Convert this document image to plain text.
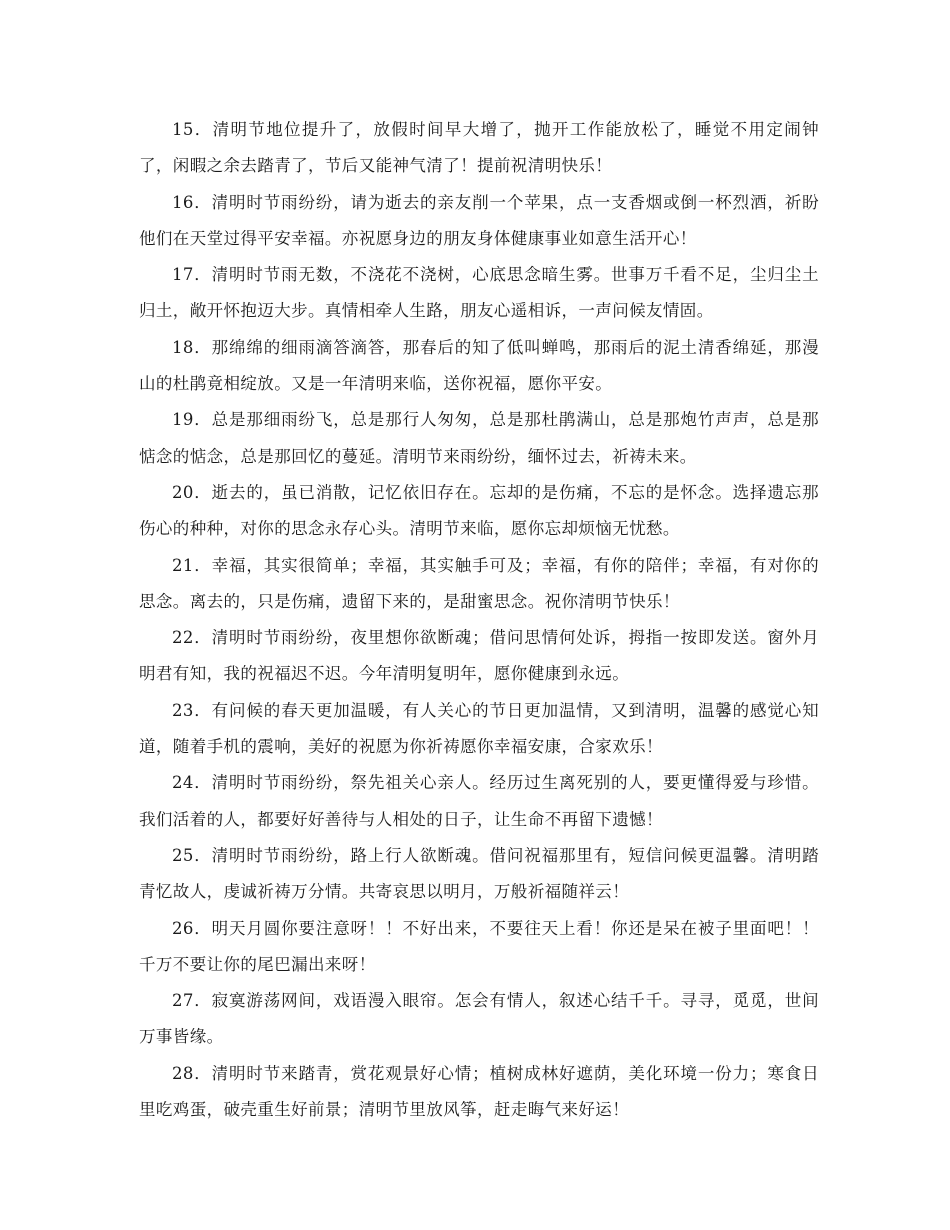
15．清明节地位提升了，放假时间早大增了，抛开工作能放松了，睡觉不用定闹钟了，闲暇之余去踏青了，节后又能神气清了！提前祝清明快乐！

16．清明时节雨纷纷，请为逝去的亲友削一个苹果，点一支香烟或倒一杯烈酒，祈盼他们在天堂过得平安幸福。亦祝愿身边的朋友身体健康事业如意生活开心！

17．清明时节雨无数，不浇花不浇树，心底思念暗生雾。世事万千看不足，尘归尘土归土，敞开怀抱迈大步。真情相牵人生路，朋友心遥相诉，一声问候友情固。

18．那绵绵的细雨滴答滴答，那春后的知了低叫蝉鸣，那雨后的泥土清香绵延，那漫山的杜鹃竟相绽放。又是一年清明来临，送你祝福，愿你平安。

19．总是那细雨纷飞，总是那行人匆匆，总是那杜鹃满山，总是那炮竹声声，总是那惦念的惦念，总是那回忆的蔓延。清明节来雨纷纷，缅怀过去，祈祷未来。

20．逝去的，虽已消散，记忆依旧存在。忘却的是伤痛，不忘的是怀念。选择遗忘那伤心的种种，对你的思念永存心头。清明节来临，愿你忘却烦恼无忧愁。

21．幸福，其实很简单；幸福，其实触手可及；幸福，有你的陪伴；幸福，有对你的思念。离去的，只是伤痛，遗留下来的，是甜蜜思念。祝你清明节快乐！

22．清明时节雨纷纷，夜里想你欲断魂；借问思情何处诉，拇指一按即发送。窗外月明君有知，我的祝福迟不迟。今年清明复明年，愿你健康到永远。

23．有问候的春天更加温暖，有人关心的节日更加温情，又到清明，温馨的感觉心知道，随着手机的震响，美好的祝愿为你祈祷愿你幸福安康，合家欢乐！

24．清明时节雨纷纷，祭先祖关心亲人。经历过生离死别的人，要更懂得爱与珍惜。我们活着的人，都要好好善待与人相处的日子，让生命不再留下遗憾！

25．清明时节雨纷纷，路上行人欲断魂。借问祝福那里有，短信问候更温馨。清明踏青忆故人，虔诚祈祷万分情。共寄哀思以明月，万般祈福随祥云！

26．明天月圆你要注意呀！！不好出来，不要往天上看！你还是呆在被子里面吧！！千万不要让你的尾巴漏出来呀！

27．寂寞游荡网间，戏语漫入眼帘。怎会有情人，叙述心结千千。寻寻，觅觅，世间万事皆缘。

28．清明时节来踏青，赏花观景好心情；植树成林好遮荫，美化环境一份力；寒食日里吃鸡蛋，破壳重生好前景；清明节里放风筝，赶走晦气来好运！
